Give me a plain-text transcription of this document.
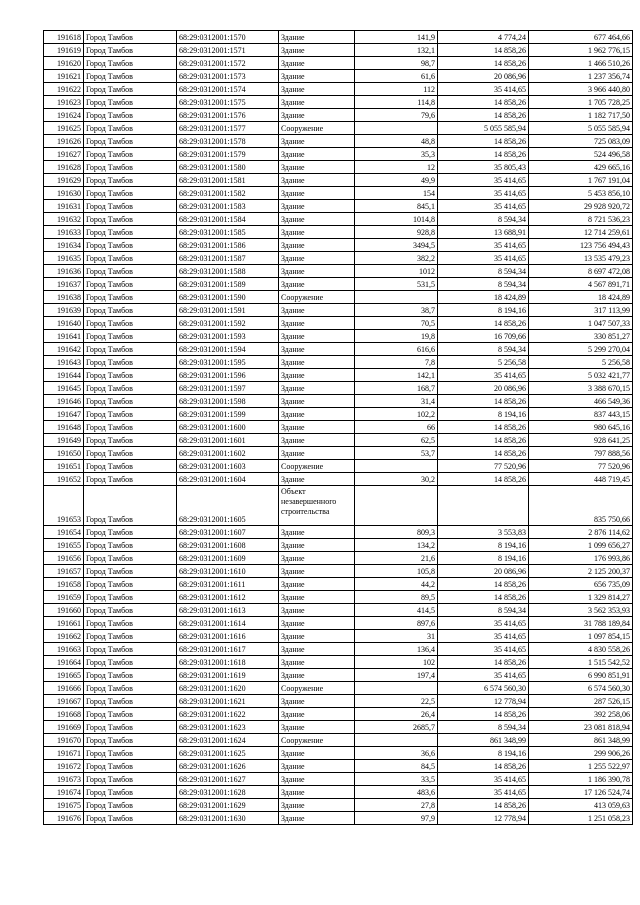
191618	Город Тамбов	68:29:0312001:1570	Здание	141,9	4 774,24	677 464,66
191619	Город Тамбов	68:29:0312001:1571	Здание	132,1	14 858,26	1 962 776,15
191620	Город Тамбов	68:29:0312001:1572	Здание	98,7	14 858,26	1 466 510,26
191621	Город Тамбов	68:29:0312001:1573	Здание	61,6	20 086,96	1 237 356,74
191622	Город Тамбов	68:29:0312001:1574	Здание	112	35 414,65	3 966 440,80
191623	Город Тамбов	68:29:0312001:1575	Здание	114,8	14 858,26	1 705 728,25
191624	Город Тамбов	68:29:0312001:1576	Здание	79,6	14 858,26	1 182 717,50
191625	Город Тамбов	68:29:0312001:1577	Сооружение		5 055 585,94	5 055 585,94
191626	Город Тамбов	68:29:0312001:1578	Здание	48,8	14 858,26	725 083,09
191627	Город Тамбов	68:29:0312001:1579	Здание	35,3	14 858,26	524 496,58
191628	Город Тамбов	68:29:0312001:1580	Здание	12	35 805,43	429 665,16
191629	Город Тамбов	68:29:0312001:1581	Здание	49,9	35 414,65	1 767 191,04
191630	Город Тамбов	68:29:0312001:1582	Здание	154	35 414,65	5 453 856,10
191631	Город Тамбов	68:29:0312001:1583	Здание	845,1	35 414,65	29 928 920,72
191632	Город Тамбов	68:29:0312001:1584	Здание	1014,8	8 594,34	8 721 536,23
191633	Город Тамбов	68:29:0312001:1585	Здание	928,8	13 688,91	12 714 259,61
191634	Город Тамбов	68:29:0312001:1586	Здание	3494,5	35 414,65	123 756 494,43
191635	Город Тамбов	68:29:0312001:1587	Здание	382,2	35 414,65	13 535 479,23
191636	Город Тамбов	68:29:0312001:1588	Здание	1012	8 594,34	8 697 472,08
191637	Город Тамбов	68:29:0312001:1589	Здание	531,5	8 594,34	4 567 891,71
191638	Город Тамбов	68:29:0312001:1590	Сооружение		18 424,89	18 424,89
191639	Город Тамбов	68:29:0312001:1591	Здание	38,7	8 194,16	317 113,99
191640	Город Тамбов	68:29:0312001:1592	Здание	70,5	14 858,26	1 047 507,33
191641	Город Тамбов	68:29:0312001:1593	Здание	19,8	16 709,66	330 851,27
191642	Город Тамбов	68:29:0312001:1594	Здание	616,6	8 594,34	5 299 270,04
191643	Город Тамбов	68:29:0312001:1595	Здание	7,8	5 256,58	5 256,58
191644	Город Тамбов	68:29:0312001:1596	Здание	142,1	35 414,65	5 032 421,77
191645	Город Тамбов	68:29:0312001:1597	Здание	168,7	20 086,96	3 388 670,15
191646	Город Тамбов	68:29:0312001:1598	Здание	31,4	14 858,26	466 549,36
191647	Город Тамбов	68:29:0312001:1599	Здание	102,2	8 194,16	837 443,15
191648	Город Тамбов	68:29:0312001:1600	Здание	66	14 858,26	980 645,16
191649	Город Тамбов	68:29:0312001:1601	Здание	62,5	14 858,26	928 641,25
191650	Город Тамбов	68:29:0312001:1602	Здание	53,7	14 858,26	797 888,56
191651	Город Тамбов	68:29:0312001:1603	Сооружение		77 520,96	77 520,96
191652	Город Тамбов	68:29:0312001:1604	Здание	30,2	14 858,26	448 719,45
191653	Город Тамбов	68:29:0312001:1605	Объект незавершенного строительства			835 750,66
191654	Город Тамбов	68:29:0312001:1607	Здание	809,3	3 553,83	2 876 114,62
191655	Город Тамбов	68:29:0312001:1608	Здание	134,2	8 194,16	1 099 656,27
191656	Город Тамбов	68:29:0312001:1609	Здание	21,6	8 194,16	176 993,86
191657	Город Тамбов	68:29:0312001:1610	Здание	105,8	20 086,96	2 125 200,37
191658	Город Тамбов	68:29:0312001:1611	Здание	44,2	14 858,26	656 735,09
191659	Город Тамбов	68:29:0312001:1612	Здание	89,5	14 858,26	1 329 814,27
191660	Город Тамбов	68:29:0312001:1613	Здание	414,5	8 594,34	3 562 353,93
191661	Город Тамбов	68:29:0312001:1614	Здание	897,6	35 414,65	31 788 189,84
191662	Город Тамбов	68:29:0312001:1616	Здание	31	35 414,65	1 097 854,15
191663	Город Тамбов	68:29:0312001:1617	Здание	136,4	35 414,65	4 830 558,26
191664	Город Тамбов	68:29:0312001:1618	Здание	102	14 858,26	1 515 542,52
191665	Город Тамбов	68:29:0312001:1619	Здание	197,4	35 414,65	6 990 851,91
191666	Город Тамбов	68:29:0312001:1620	Сооружение		6 574 560,30	6 574 560,30
191667	Город Тамбов	68:29:0312001:1621	Здание	22,5	12 778,94	287 526,15
191668	Город Тамбов	68:29:0312001:1622	Здание	26,4	14 858,26	392 258,06
191669	Город Тамбов	68:29:0312001:1623	Здание	2685,7	8 594,34	23 081 818,94
191670	Город Тамбов	68:29:0312001:1624	Сооружение		861 348,99	861 348,99
191671	Город Тамбов	68:29:0312001:1625	Здание	36,6	8 194,16	299 906,26
191672	Город Тамбов	68:29:0312001:1626	Здание	84,5	14 858,26	1 255 522,97
191673	Город Тамбов	68:29:0312001:1627	Здание	33,5	35 414,65	1 186 390,78
191674	Город Тамбов	68:29:0312001:1628	Здание	483,6	35 414,65	17 126 524,74
191675	Город Тамбов	68:29:0312001:1629	Здание	27,8	14 858,26	413 059,63
191676	Город Тамбов	68:29:0312001:1630	Здание	97,9	12 778,94	1 251 058,23
